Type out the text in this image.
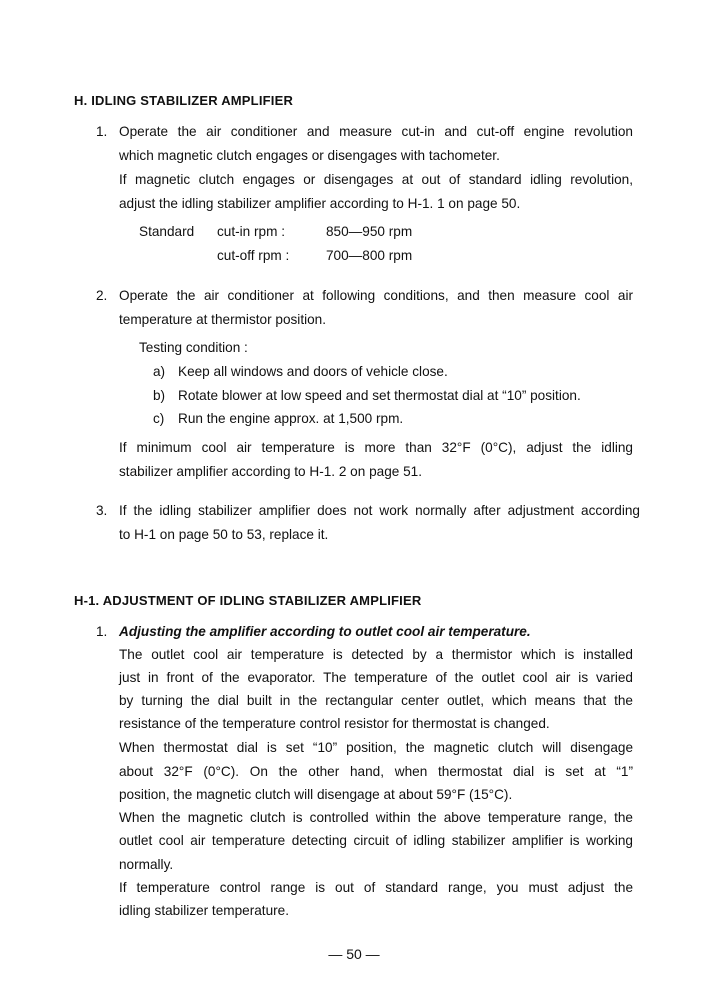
H. IDLING STABILIZER AMPLIFIER
1. Operate the air conditioner and measure cut-in and cut-off engine revolution
which magnetic clutch engages or disengages with tachometer.
If magnetic clutch engages or disengages at out of standard idling revolution,
adjust the idling stabilizer amplifier according to H-1. 1 on page 50.
Standard cut-in rpm :	850—950 rpm
cut-off rpm :	700—800 rpm
2. Operate the air conditioner at following conditions, and then measure cool air
temperature at thermistor position.
Testing condition :
a) Keep all windows and doors of vehicle close.
b) Rotate blower at low speed and set thermostat dial at “10” position.
c) Run the engine approx. at 1,500 rpm.
If minimum cool air temperature is more than 32°F (0°C), adjust the idling
stabilizer amplifier according to H-1. 2 on page 51.
3. If the idling stabilizer amplifier does not work normally after adjustment according
to H-1 on page 50 to 53, replace it.
H-1. ADJUSTMENT OF IDLING STABILIZER AMPLIFIER
1. Adjusting the amplifier according to outlet cool air temperature.
The outlet cool air temperature is detected by a thermistor which is installed
just in front of the evaporator. The temperature of the outlet cool air is varied
by turning the dial built in the rectangular center outlet, which means that the
resistance of the temperature control resistor for thermostat is changed.
When thermostat dial is set “10” position, the magnetic clutch will disengage
about 32°F (0°C). On the other hand, when thermostat dial is set at “1”
position, the magnetic clutch will disengage at about 59°F (15°C).
When the magnetic clutch is controlled within the above temperature range, the
outlet cool air temperature detecting circuit of idling stabilizer amplifier is working
normally.
If temperature control range is out of standard range, you must adjust the
idling stabilizer temperature.
— 50 —
